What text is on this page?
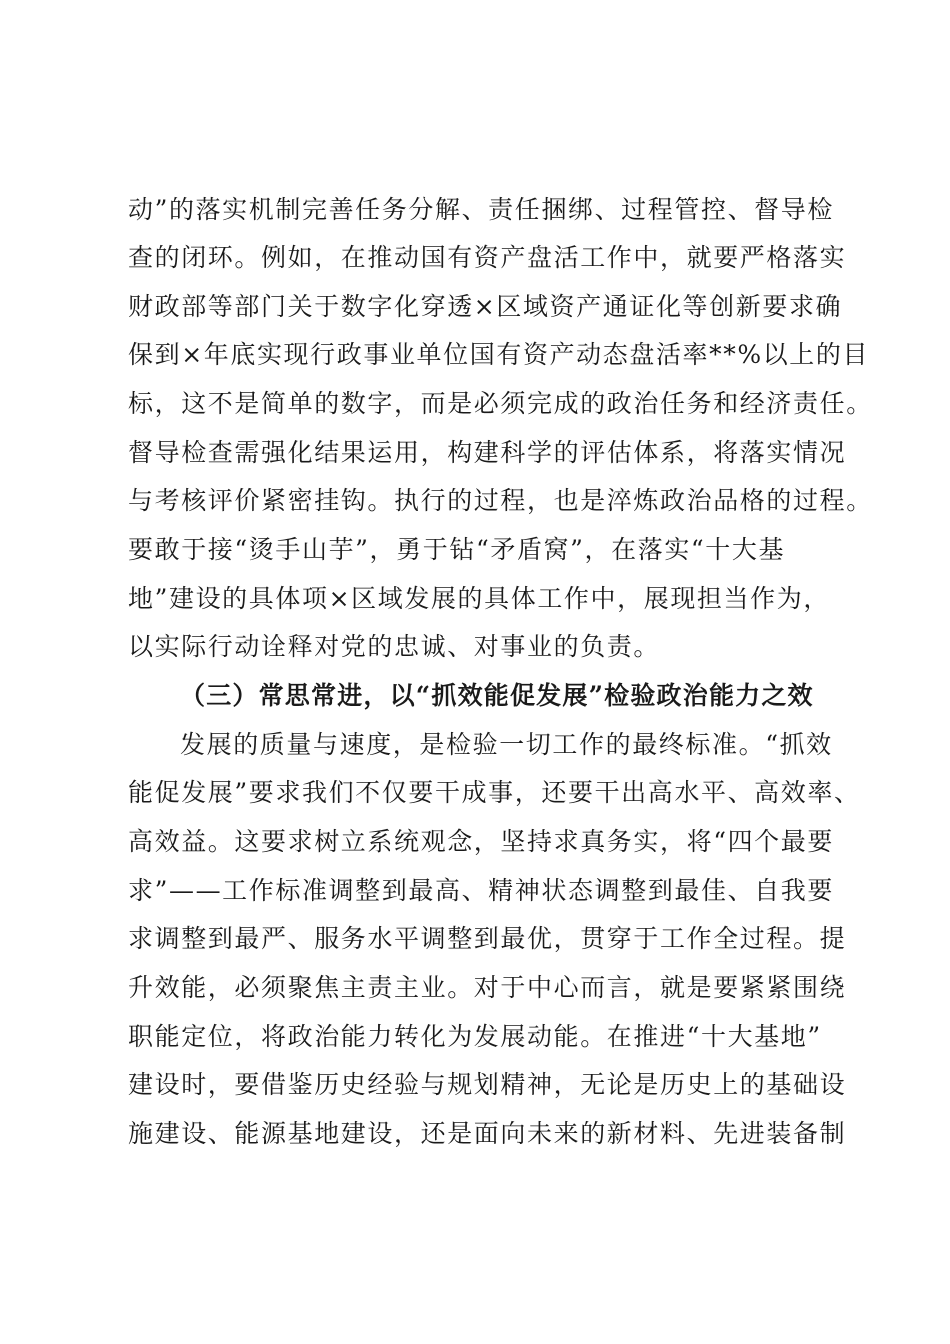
动”的落实机制完善任务分解、责任捆绑、过程管控、督导检
查的闭环。例如，在推动国有资产盘活工作中，就要严格落实
财政部等部门关于数字化穿透×区域资产通证化等创新要求确
保到×年底实现行政事业单位国有资产动态盘活率**%以上的目
标，这不是简单的数字，而是必须完成的政治任务和经济责任。
督导检查需强化结果运用，构建科学的评估体系，将落实情况
与考核评价紧密挂钩。执行的过程，也是淬炼政治品格的过程。
要敢于接“烫手山芋”，勇于钻“矛盾窝”，在落实“十大基
地”建设的具体项×区域发展的具体工作中，展现担当作为，
以实际行动诠释对党的忠诚、对事业的负责。
（三）常思常进，以“抓效能促发展”检验政治能力之效
发展的质量与速度，是检验一切工作的最终标准。“抓效
能促发展”要求我们不仅要干成事，还要干出高水平、高效率、
高效益。这要求树立系统观念，坚持求真务实，将“四个最要
求”——工作标准调整到最高、精神状态调整到最佳、自我要
求调整到最严、服务水平调整到最优，贯穿于工作全过程。提
升效能，必须聚焦主责主业。对于中心而言，就是要紧紧围绕
职能定位，将政治能力转化为发展动能。在推进“十大基地”
建设时，要借鉴历史经验与规划精神，无论是历史上的基础设
施建设、能源基地建设，还是面向未来的新材料、先进装备制
